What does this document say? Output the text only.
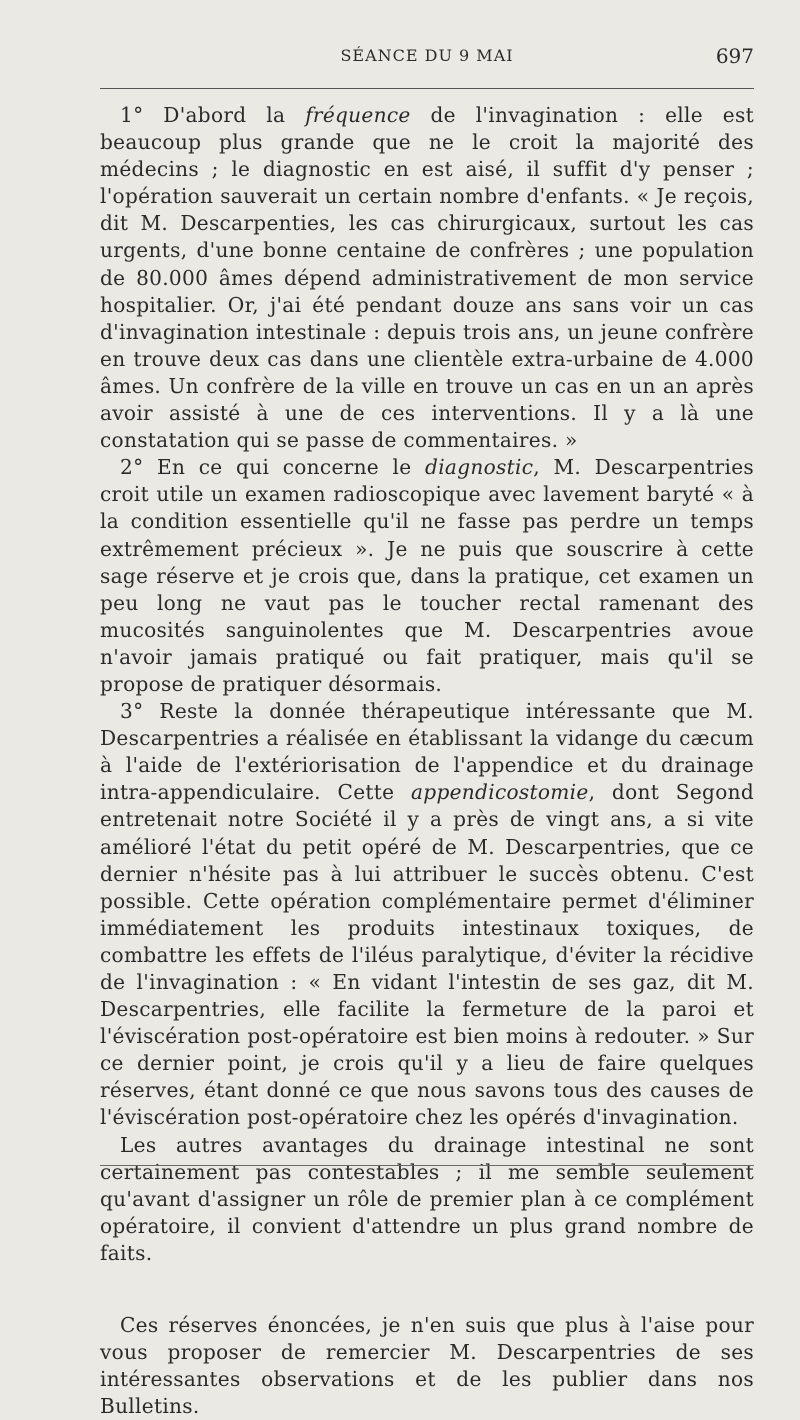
SÉANCE DU 9 MAI	697

1° D'abord la fréquence de l'invagination : elle est beaucoup plus grande que ne le croit la majorité des médecins ; le diagnostic en est aisé, il suffit d'y penser ; l'opération sauverait un certain nombre d'enfants. « Je reçois, dit M. Descarpenties, les cas chirurgicaux, surtout les cas urgents, d'une bonne centaine de confrères ; une population de 80.000 âmes dépend administrativement de mon service hospitalier. Or, j'ai été pendant douze ans sans voir un cas d'invagination intestinale : depuis trois ans, un jeune confrère en trouve deux cas dans une clientèle extra-urbaine de 4.000 âmes. Un confrère de la ville en trouve un cas en un an après avoir assisté à une de ces interventions. Il y a là une constatation qui se passe de commentaires. »

2° En ce qui concerne le diagnostic, M. Descarpentries croit utile un examen radioscopique avec lavement baryté « à la condition essentielle qu'il ne fasse pas perdre un temps extrêmement précieux ». Je ne puis que souscrire à cette sage réserve et je crois que, dans la pratique, cet examen un peu long ne vaut pas le toucher rectal ramenant des mucosités sanguinolentes que M. Descarpentries avoue n'avoir jamais pratiqué ou fait pratiquer, mais qu'il se propose de pratiquer désormais.

3° Reste la donnée thérapeutique intéressante que M. Descarpentries a réalisée en établissant la vidange du cæcum à l'aide de l'extériorisation de l'appendice et du drainage intra-appendiculaire. Cette appendicostomie, dont Segond entretenait notre Société il y a près de vingt ans, a si vite amélioré l'état du petit opéré de M. Descarpentries, que ce dernier n'hésite pas à lui attribuer le succès obtenu. C'est possible. Cette opération complémentaire permet d'éliminer immédiatement les produits intestinaux toxiques, de combattre les effets de l'iléus paralytique, d'éviter la récidive de l'invagination : « En vidant l'intestin de ses gaz, dit M. Descarpentries, elle facilite la fermeture de la paroi et l'éviscération post-opératoire est bien moins à redouter. » Sur ce dernier point, je crois qu'il y a lieu de faire quelques réserves, étant donné ce que nous savons tous des causes de l'éviscération post-opératoire chez les opérés d'invagination.

Les autres avantages du drainage intestinal ne sont certainement pas contestables ; il me semble seulement qu'avant d'assigner un rôle de premier plan à ce complément opératoire, il convient d'attendre un plus grand nombre de faits.

Ces réserves énoncées, je n'en suis que plus à l'aise pour vous proposer de remercier M. Descarpentries de ses intéressantes observations et de les publier dans nos Bulletins.
